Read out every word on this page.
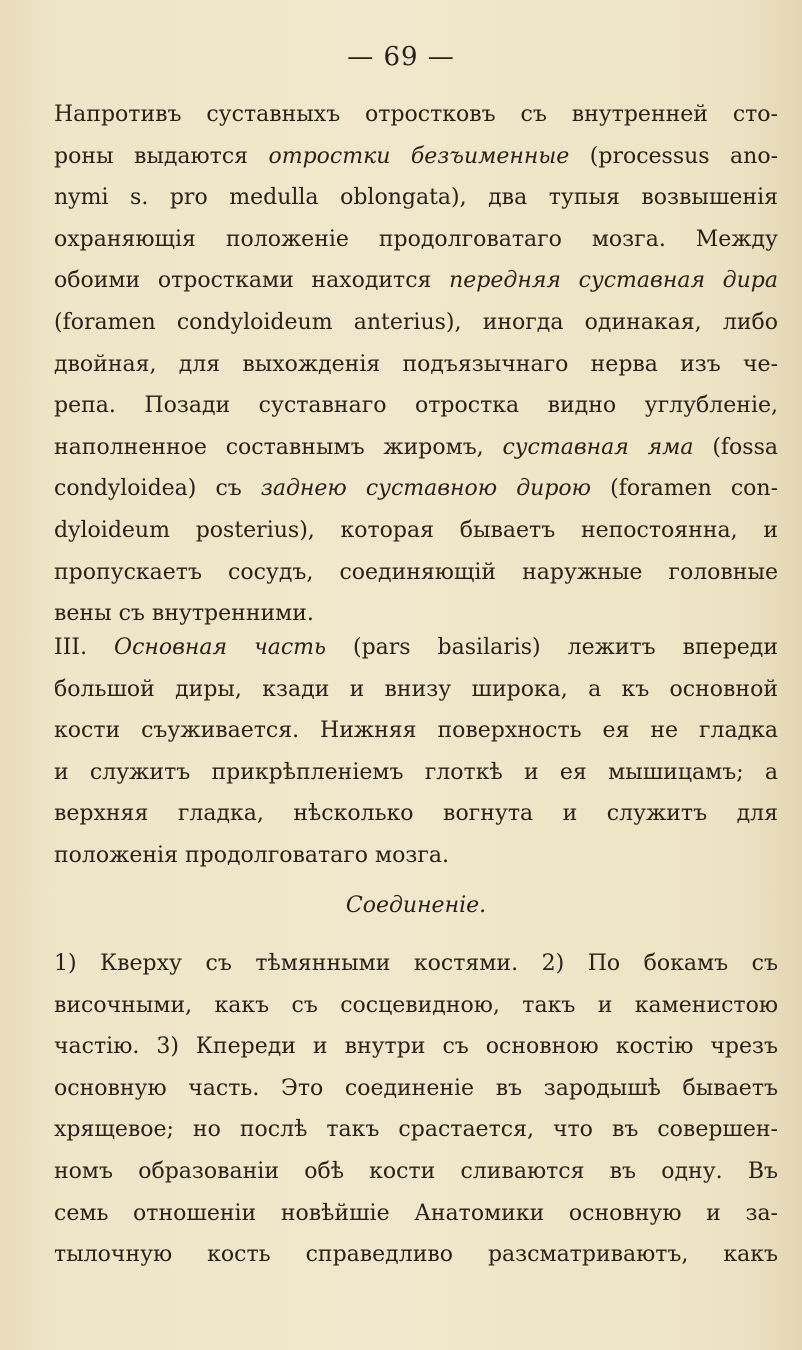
— 69 —
Напротивъ суставныхъ отростковъ съ внутренней сто-
роны выдаются отростки безъименные (processus ano-
nymi s. pro medulla oblongata), два тупыя возвышенія
охраняющія положеніе продолговатаго мозга. Между
обоими отростками находится передняя суставная дира
(foramen condyloideum anterius), иногда одинакая, либо
двойная, для выхожденія подъязычнаго нерва изъ че-
репа. Позади суставнаго отростка видно углубленіе,
наполненное составнымъ жиромъ, суставная яма (fossa
condyloidea) съ заднею суставною дирою (foramen con-
dyloideum posterius), которая бываетъ непостоянна, и
пропускаетъ сосудъ, соединяющій наружные головные
вены съ внутренними.
III. Основная часть (pars basilaris) лежитъ впереди
большой диры, кзади и внизу широка, а къ основной
кости съуживается. Нижняя поверхность ея не гладка
и служитъ прикрѣпленіемъ глоткѣ и ея мышицамъ; а
верхняя гладка, нѣсколько вогнута и служитъ для
положенія продолговатаго мозга.
Соединеніе.
1) Кверху съ тѣмянными костями. 2) По бокамъ съ
височными, какъ съ сосцевидною, такъ и каменистою
частію. 3) Кпереди и внутри съ основною костію чрезъ
основную часть. Это соединеніе въ зародышѣ бываетъ
хрящевое; но послѣ такъ срастается, что въ совершен-
номъ образованіи обѣ кости сливаются въ одну. Въ
семь отношеніи новѣйшіе Анатомики основную и за-
тылочную кость справедливо разсматриваютъ, какъ
